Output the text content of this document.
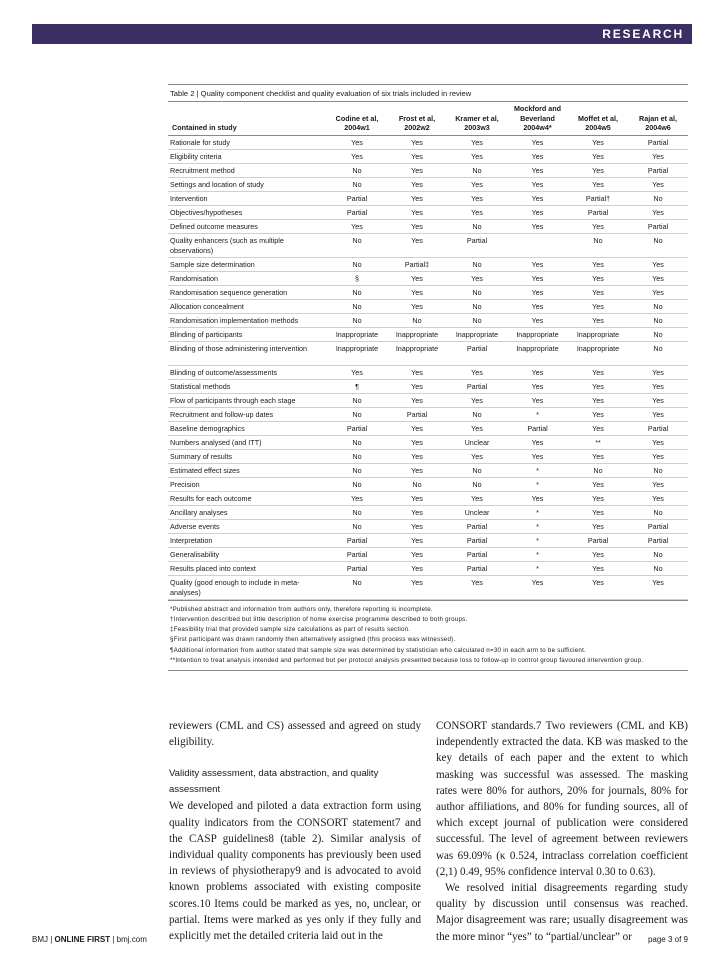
RESEARCH
Table 2 | Quality component checklist and quality evaluation of six trials included in review
Contained in study	Codine et al, 2004w1	Frost et al, 2002w2	Kramer et al, 2003w3	Mockford and Beverland 2004w4*	Moffet et al, 2004w5	Rajan et al, 2004w6
Rationale for study	Yes	Yes	Yes	Yes	Yes	Partial
Eligibility criteria	Yes	Yes	Yes	Yes	Yes	Yes
Recruitment method	No	Yes	No	Yes	Yes	Partial
Settings and location of study	No	Yes	Yes	Yes	Yes	Yes
Intervention	Partial	Yes	Yes	Yes	Partial†	No
Objectives/hypotheses	Partial	Yes	Yes	Yes	Partial	Yes
Defined outcome measures	Yes	Yes	No	Yes	Yes	Partial
Quality enhancers (such as multiple observations)	No	Yes	Partial		No	No
Sample size determination	No	Partial‡	No	Yes	Yes	Yes
Randomisation	§	Yes	Yes	Yes	Yes	Yes
Randomisation sequence generation	No	Yes	No	Yes	Yes	Yes
Allocation concealment	No	Yes	No	Yes	Yes	No
Randomisation implementation methods	No	No	No	Yes	Yes	No
Blinding of participants	Inappropriate	Inappropriate	Inappropriate	Inappropriate	Inappropriate	No
Blinding of those administering intervention	Inappropriate	Inappropriate	Partial	Inappropriate	Inappropriate	No
Blinding of outcome/assessments	Yes	Yes	Yes	Yes	Yes	Yes
Statistical methods	¶	Yes	Partial	Yes	Yes	Yes
Flow of participants through each stage	No	Yes	Yes	Yes	Yes	Yes
Recruitment and follow-up dates	No	Partial	No	*	Yes	Yes
Baseline demographics	Partial	Yes	Yes	Partial	Yes	Partial
Numbers analysed (and ITT)	No	Yes	Unclear	Yes	**	Yes
Summary of results	No	Yes	Yes	Yes	Yes	Yes
Estimated effect sizes	No	Yes	No	*	No	No
Precision	No	No	No	*	Yes	Yes
Results for each outcome	Yes	Yes	Yes	Yes	Yes	Yes
Ancillary analyses	No	Yes	Unclear	*	Yes	No
Adverse events	No	Yes	Partial	*	Yes	Partial
Interpretation	Partial	Yes	Partial	*	Partial	Partial
Generalisability	Partial	Yes	Partial	*	Yes	No
Results placed into context	Partial	Yes	Partial	*	Yes	No
Quality (good enough to include in meta-analyses)	No	Yes	Yes	Yes	Yes	Yes
*Published abstract and information from authors only, therefore reporting is incomplete.
†Intervention described but little description of home exercise programme described to both groups.
‡Feasibility trial that provided sample size calculations as part of results section.
§First participant was drawn randomly then alternatively assigned (this process was witnessed).
¶Additional information from author stated that sample size was determined by statistician who calculated n=30 in each arm to be sufficient.
**Intention to treat analysis intended and performed but per protocol analysis presented because loss to follow-up in control group favoured intervention group.

reviewers (CML and CS) assessed and agreed on study eligibility.

Validity assessment, data abstraction, and quality assessment

We developed and piloted a data extraction form using quality indicators from the CONSORT statement7 and the CASP guidelines8 (table 2). Similar analysis of individual quality components has previously been used in reviews of physiotherapy9 and is advocated to avoid known problems associated with existing composite scores.10 Items could be marked as yes, no, unclear, or partial. Items were marked as yes only if they fully and explicitly met the detailed criteria laid out in the

CONSORT standards.7 Two reviewers (CML and KB) independently extracted the data. KB was masked to the key details of each paper and the extent to which masking was successful was assessed. The masking rates were 80% for authors, 20% for journals, 80% for author affiliations, and 80% for funding sources, all of which except journal of publication were considered successful. The level of agreement between reviewers was 69.09% (κ 0.524, intraclass correlation coefficient (2,1) 0.49, 95% confidence interval 0.30 to 0.63).

We resolved initial disagreements regarding study quality by discussion until consensus was reached. Major disagreement was rare; usually disagreement was the more minor “yes” to “partial/unclear” or

BMJ | ONLINE FIRST | bmj.com	page 3 of 9
